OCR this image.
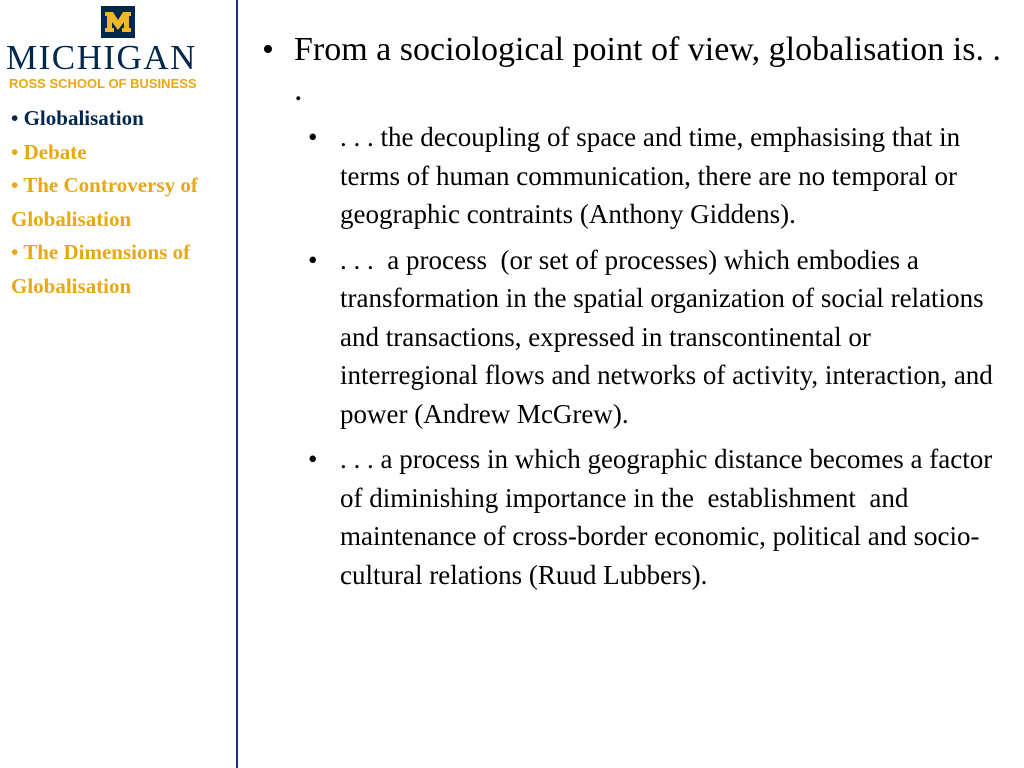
MICHIGAN
ROSS SCHOOL OF BUSINESS
• Globalisation
• Debate
• The Controversy of Globalisation
• The Dimensions of Globalisation
• From a sociological point of view, globalisation is. . .
• . . . the decoupling of space and time, emphasising that in terms of human communication, there are no temporal or geographic contraints (Anthony Giddens).
• . . .  a process  (or set of processes) which embodies a transformation in the spatial organization of social relations and transactions, expressed in transcontinental or interregional flows and networks of activity, interaction, and power (Andrew McGrew).
• . . . a process in which geographic distance becomes a factor of diminishing importance in the  establishment  and maintenance of cross-border economic, political and socio-cultural relations (Ruud Lubbers).
